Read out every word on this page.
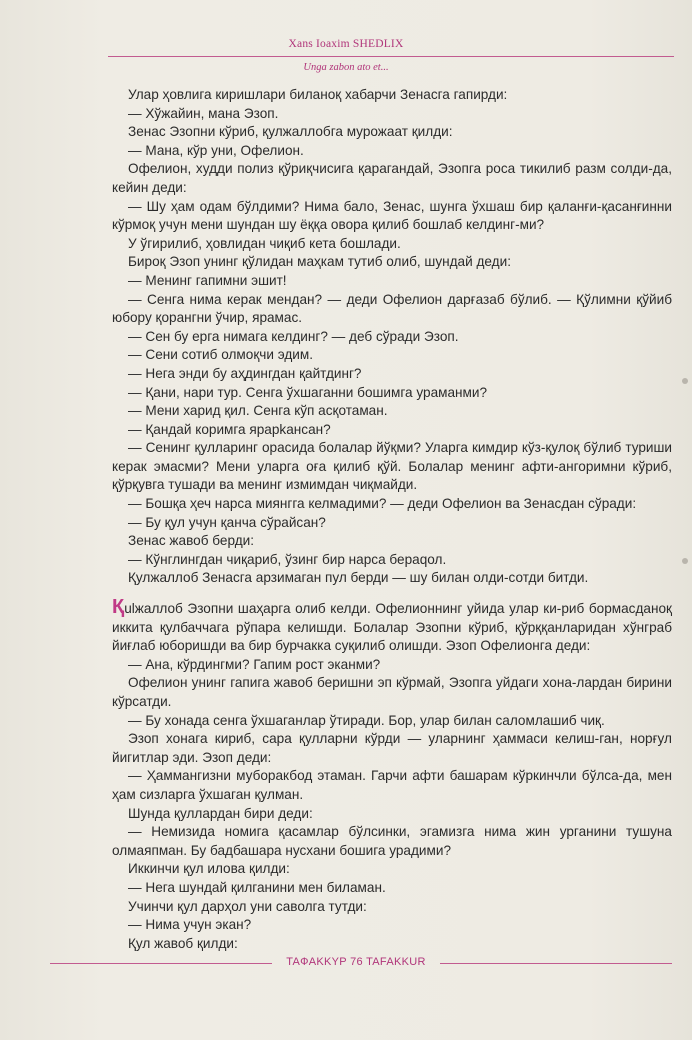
Xans Ioaxim SHEDLIX
Unga zabon ato et...

Улар ҳовлига киришлари биланоқ хабарчи Зенасга гапирди:

— Хўжайин, мана Эзоп.

Зенас Эзопни кўриб, қулжаллобга мурожаат қилди:

— Мана, кўр уни, Офелион.

Офелион, худди полиз қўриқчисига қарагандай, Эзопга роса тикилиб разм солди-да, кейин деди:

— Шу ҳам одам бўлдими? Нима бало, Зенас, шунга ўхшаш бир қаланғи-қасанғинни кўрмоқ учун мени шундан шу ёққа овора қилиб бошлаб келдинг-ми?

У ўгирилиб, ҳовлидан чиқиб кета бошлади.

Бироқ Эзоп унинг қўлидан маҳкам тутиб олиб, шундай деди:

— Менинг гапимни эшит!

— Сенга нима керак мендан? — деди Офелион дарғазаб бўлиб. — Қўлимни қўйиб юбору қорангни ўчир, ярамас.

— Сен бу ерга нимага келдинг? — деб сўради Эзоп.

— Сени сотиб олмоқчи эдим.

— Нега энди бу аҳдингдан қайтдинг?

— Қани, нари тур. Сенга ўхшаганни бошимга ураманми?

— Мени харид қил. Сенга кўп асқотаман.

— Қандай коримга ярарkансан?

— Сенинг қулларинг орасида болалар йўқми? Уларга кимдир кўз-қулоқ бўлиб туриши керак эмасми? Мени уларга оға қилиб қўй. Болалар менинг афти-ангоримни кўриб, қўрқувга тушади ва менинг измимдан чиқмайди.

— Бошқа ҳеч нарса миянгга келмадими? — деди Офелион ва Зенасдан сўради:

— Бу қул учун қанча сўрайсан?

Зенас жавоб берди:

— Кўнглингдан чиқариб, ўзинг бир нарса бераqол.

Қулжаллоб Зенасга арзимаган пул берди — шу билан олди-сотди битди.

Қulжаллоб Эзопни шаҳарга олиб келди. Офелионнинг уйида улар ки-риб бормасданоқ иккита қулбаччага рўпара келишди. Болалар Эзопни кўриб, қўрққанларидан хўнграб йиғлаб юборишди ва бир бурчакка суқилиб олишди. Эзоп Офелионга деди:

— Ана, кўрдингми? Гапим рост эканми?

Офелион унинг гапига жавоб беришни эп кўрмай, Эзопга уйдаги хона-лардан бирини кўрсатди.

— Бу хонада сенга ўхшаганлар ўтиради. Бор, улар билан саломлашиб чиқ.

Эзоп хонага кириб, сара қулларни кўрди — уларнинг ҳаммаси келиш-ган, норғул йигитлар эди. Эзоп деди:

— Ҳаммангизни муборакбод этаман. Гарчи афти башарам кўркинчли бўлса-да, мен ҳам сизларга ўхшаган қулман.

Шунда қуллардан бири деди:

— Немизида номига қасамлар бўлсинки, эгамизга нима жин урганини тушуна олмаяпман. Бу бадбашара нусхани бошига урадими?

Иккинчи қул илова қилди:

— Нега шундай қилганини мен биламан.

Учинчи қул дарҳол уни саволга тутди:

— Нима учун экан?

Қул жавоб қилди:

TAФAKKYP 76 TAFAKKUR
